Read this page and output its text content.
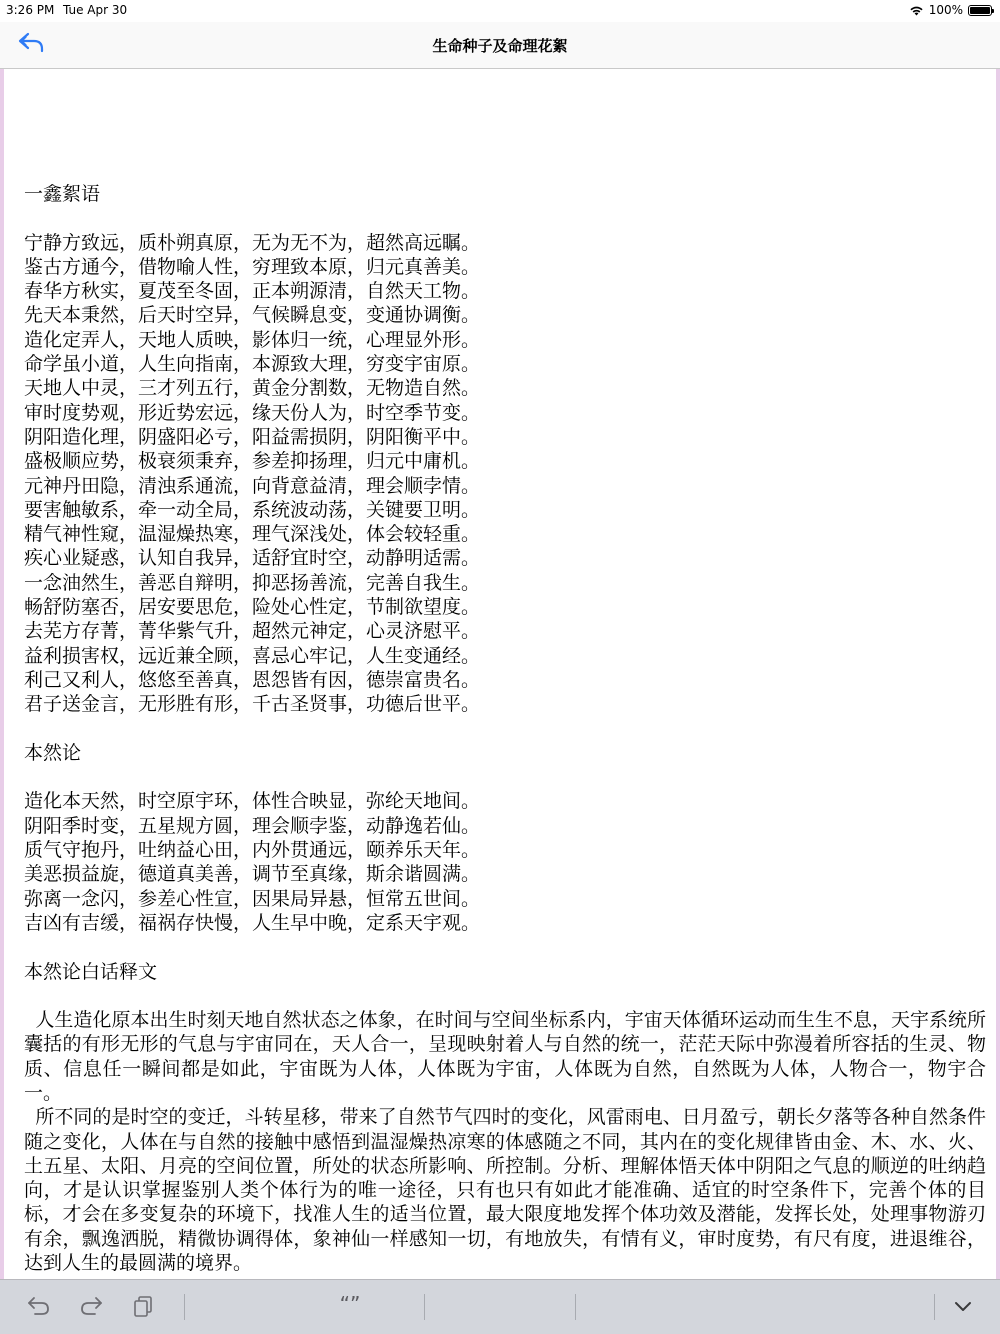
3:26 PM Tue Apr 30	100%
生命种子及命理花絮
一鑫絮语
宁静方致远，质朴朔真原，无为无不为，超然高远瞩。
鉴古方通今，借物喻人性，穷理致本原，归元真善美。
春华方秋实，夏茂至冬固，正本朔源清，自然天工物。
先天本秉然，后天时空异，气候瞬息变，变通协调衡。
造化定弄人，天地人质映，影体归一统，心理显外形。
命学虽小道，人生向指南，本源致大理，穷变宇宙原。
天地人中灵，三才列五行，黄金分割数，无物造自然。
审时度势观，形近势宏远，缘天份人为，时空季节变。
阴阳造化理，阴盛阳必亏，阳益需损阴，阴阳衡平中。
盛极顺应势，极衰须秉弃，参差抑扬理，归元中庸机。
元神丹田隐，清浊系通流，向背意益清，理会顺孛情。
要害触敏系，牵一动全局，系统波动荡，关键要卫明。
精气神性窥，温湿燥热寒，理气深浅处，体会较轻重。
疾心业疑惑，认知自我异，适舒宜时空，动静明适需。
一念油然生，善恶自辩明，抑恶扬善流，完善自我生。
畅舒防塞否，居安要思危，险处心性定，节制欲望度。
去芜方存菁，菁华紫气升，超然元神定，心灵济慰平。
益利损害权，远近兼全顾，喜忌心牢记，人生变通经。
利己又利人，悠悠至善真，恩怨皆有因，德崇富贵名。
君子送金言，无形胜有形，千古圣贤事，功德后世平。
本然论
造化本天然，时空原宇环，体性合映显，弥纶天地间。
阴阳季时变，五星规方圆，理会顺孛鉴，动静逸若仙。
质气守抱丹，吐纳益心田，内外贯通远，颐养乐天年。
美恶损益旋，德道真美善，调节至真缘，斯余谐圆满。
弥离一念闪，参差心性宣，因果局异悬，恒常五世间。
吉凶有吉缓，福祸存快慢，人生早中晚，定系天宇观。
本然论白话释文
人生造化原本出生时刻天地自然状态之体象，在时间与空间坐标系内，宇宙天体循环运动而生生不息，天宇系统所囊括的有形无形的气息与宇宙同在，天人合一，呈现映射着人与自然的统一，茫茫天际中弥漫着所容括的生灵、物质、信息任一瞬间都是如此，宇宙既为人体，人体既为宇宙，人体既为自然，自然既为人体，人物合一，物宇合一。
所不同的是时空的变迁，斗转星移，带来了自然节气四时的变化，风雷雨电、日月盈亏，朝长夕落等各种自然条件随之变化，人体在与自然的接触中感悟到温湿燥热凉寒的体感随之不同，其内在的变化规律皆由金、木、水、火、土五星、太阳、月亮的空间位置，所处的状态所影响、所控制。分析、理解体悟天体中阴阳之气息的顺逆的吐纳趋向，才是认识掌握鉴别人类个体行为的唯一途径，只有也只有如此才能准确、适宜的时空条件下，完善个体的目标，才会在多变复杂的环境下，找准人生的适当位置，最大限度地发挥个体功效及潜能，发挥长处，处理事物游刃有余，飘逸洒脱，精微协调得体，象神仙一样感知一切，有地放失，有情有义，审时度势，有尺有度，进退维谷，达到人生的最圆满的境界。
“”
